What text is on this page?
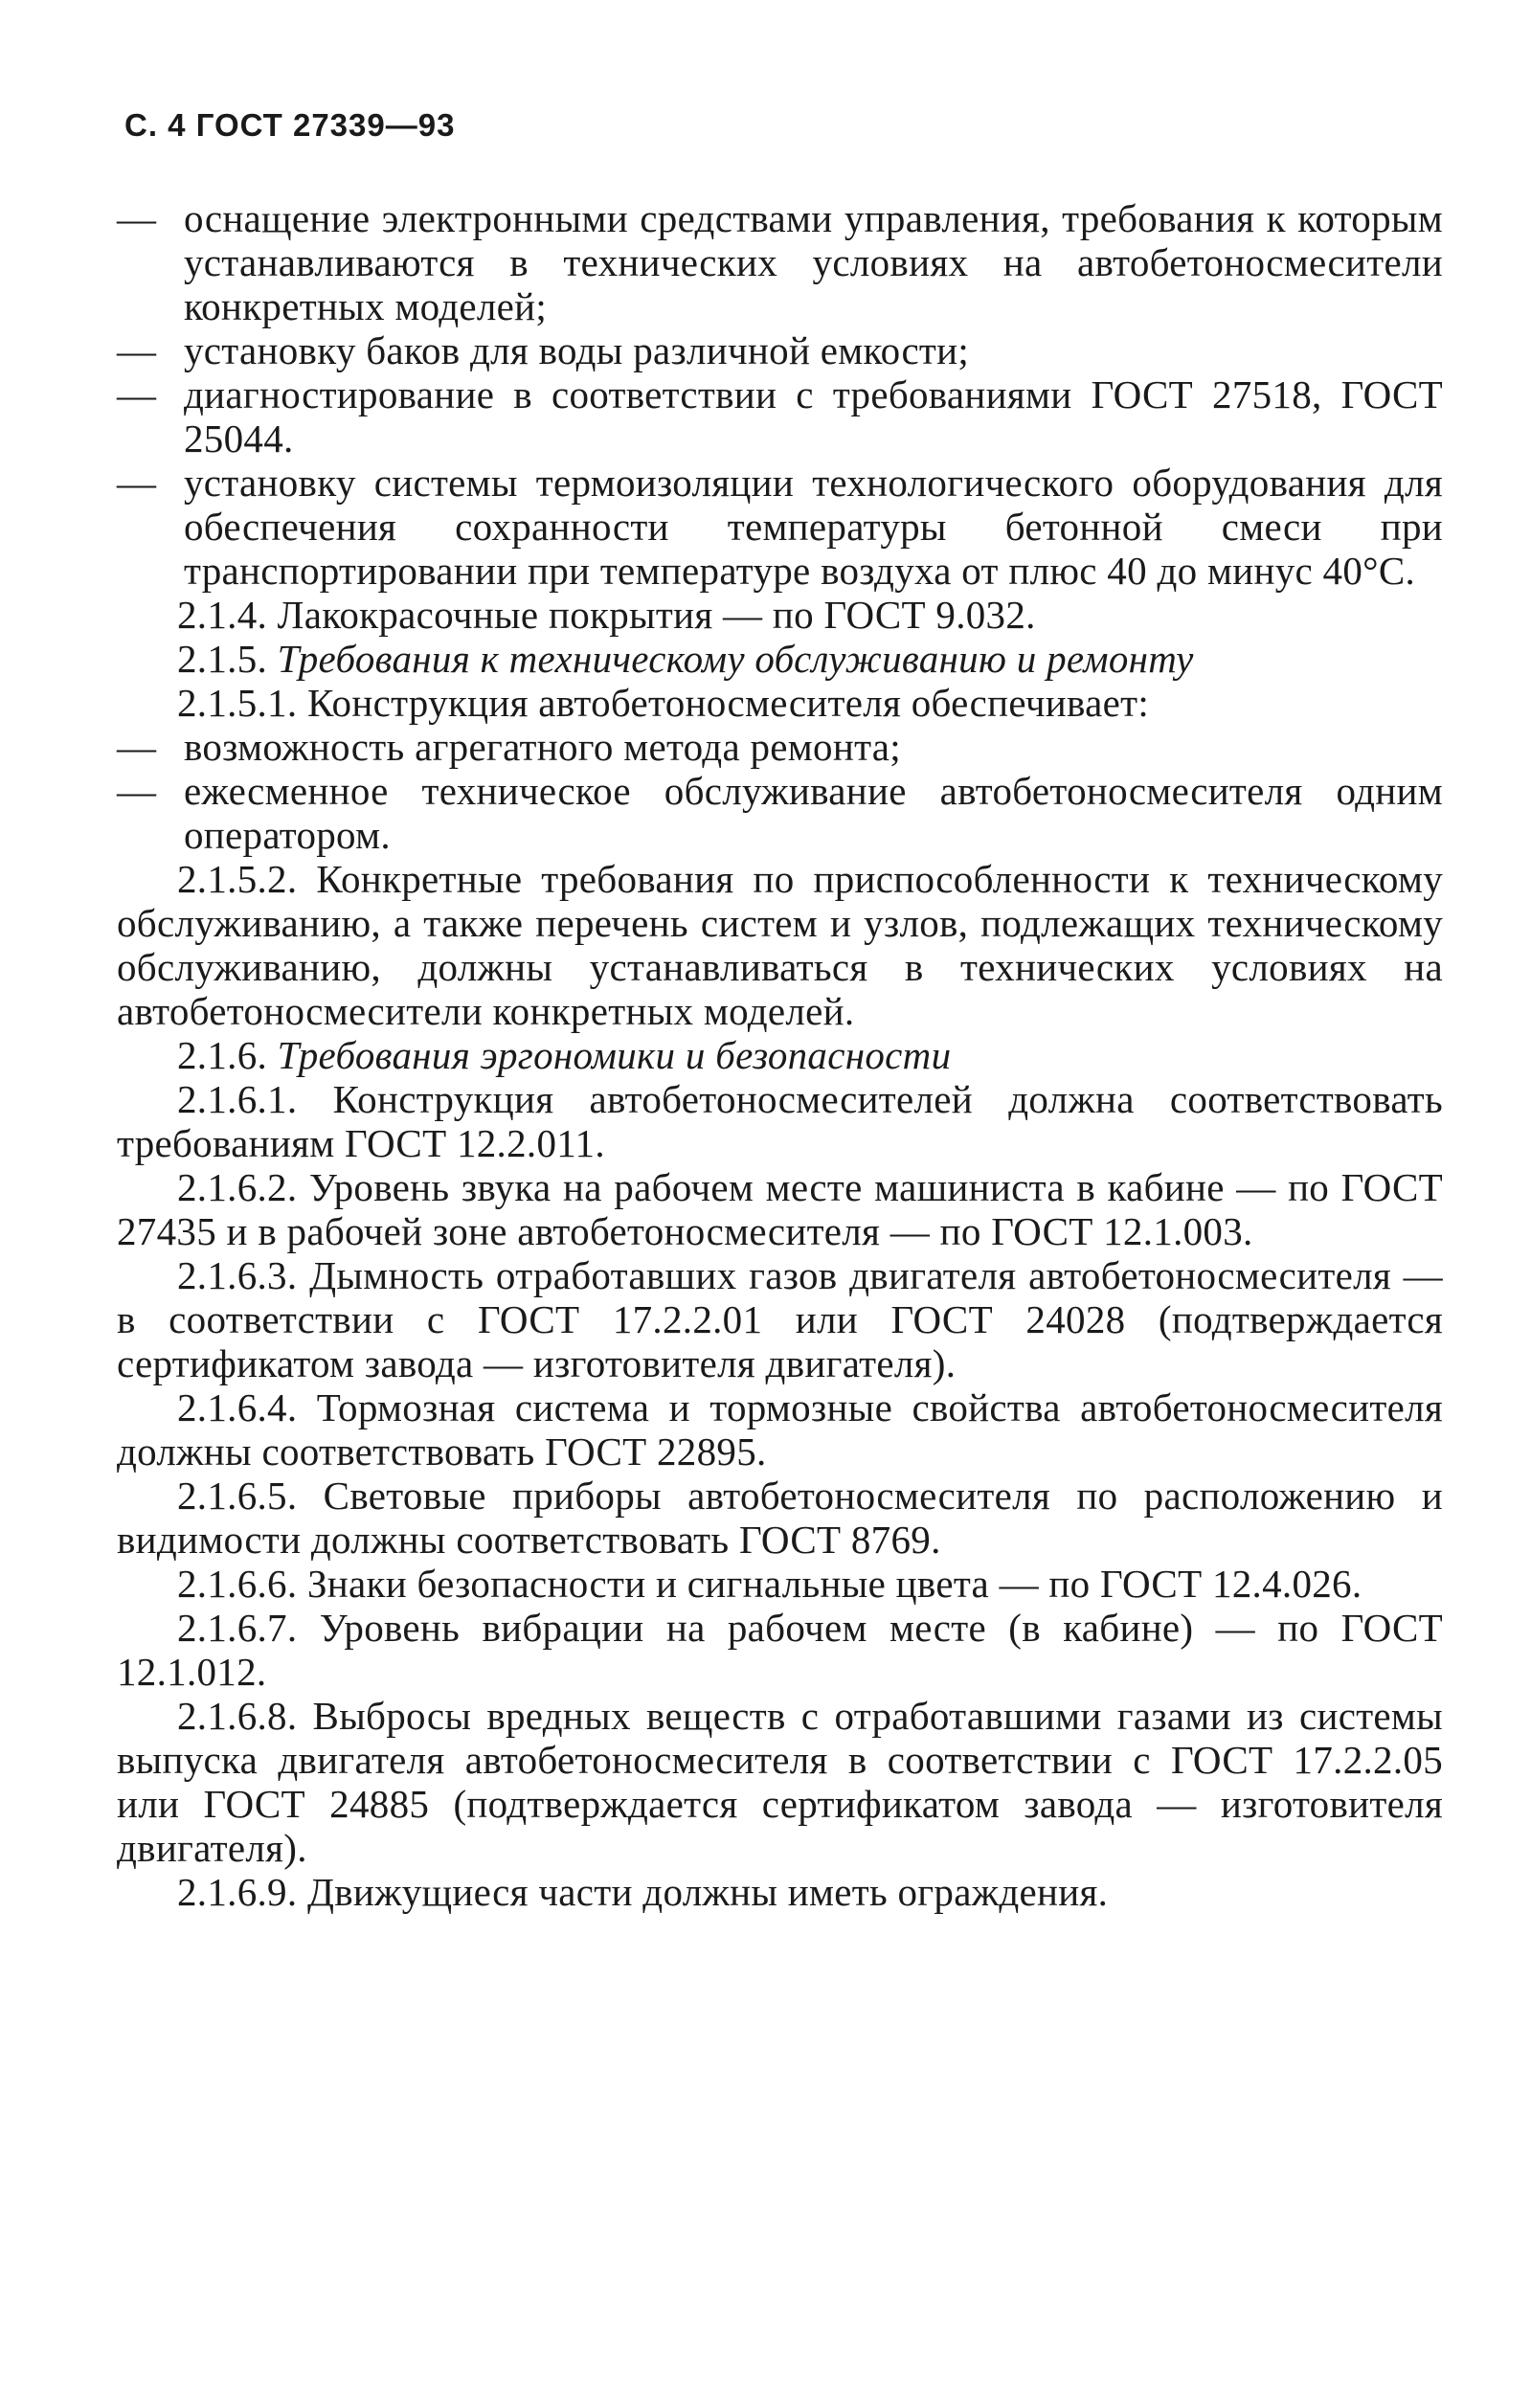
С. 4 ГОСТ 27339—93

— оснащение электронными средствами управления, требования к которым устанавливаются в технических условиях на автобетоносмесители конкретных моделей;

— установку баков для воды различной емкости;

— диагностирование в соответствии с требованиями ГОСТ 27518, ГОСТ 25044.

— установку системы термоизоляции технологического оборудования для обеспечения сохранности температуры бетонной смеси при транспортировании при температуре воздуха от плюс 40 до минус 40°С.

2.1.4. Лакокрасочные покрытия — по ГОСТ 9.032.

2.1.5. Требования к техническому обслуживанию и ремонту

2.1.5.1. Конструкция автобетоносмесителя обеспечивает:

— возможность агрегатного метода ремонта;

— ежесменное техническое обслуживание автобетоносмесителя одним оператором.

2.1.5.2. Конкретные требования по приспособленности к техническому обслуживанию, а также перечень систем и узлов, подлежащих техническому обслуживанию, должны устанавливаться в технических условиях на автобетоносмесители конкретных моделей.

2.1.6. Требования эргономики и безопасности

2.1.6.1. Конструкция автобетоносмесителей должна соответствовать требованиям ГОСТ 12.2.011.

2.1.6.2. Уровень звука на рабочем месте машиниста в кабине — по ГОСТ 27435 и в рабочей зоне автобетоносмесителя — по ГОСТ 12.1.003.

2.1.6.3. Дымность отработавших газов двигателя автобетоносмесителя — в соответствии с ГОСТ 17.2.2.01 или ГОСТ 24028 (подтверждается сертификатом завода — изготовителя двигателя).

2.1.6.4. Тормозная система и тормозные свойства автобетоносмесителя должны соответствовать ГОСТ 22895.

2.1.6.5. Световые приборы автобетоносмесителя по расположению и видимости должны соответствовать ГОСТ 8769.

2.1.6.6. Знаки безопасности и сигнальные цвета — по ГОСТ 12.4.026.

2.1.6.7. Уровень вибрации на рабочем месте (в кабине) — по ГОСТ 12.1.012.

2.1.6.8. Выбросы вредных веществ с отработавшими газами из системы выпуска двигателя автобетоносмесителя в соответствии с ГОСТ 17.2.2.05 или ГОСТ 24885 (подтверждается сертификатом завода — изготовителя двигателя).

2.1.6.9. Движущиеся части должны иметь ограждения.
